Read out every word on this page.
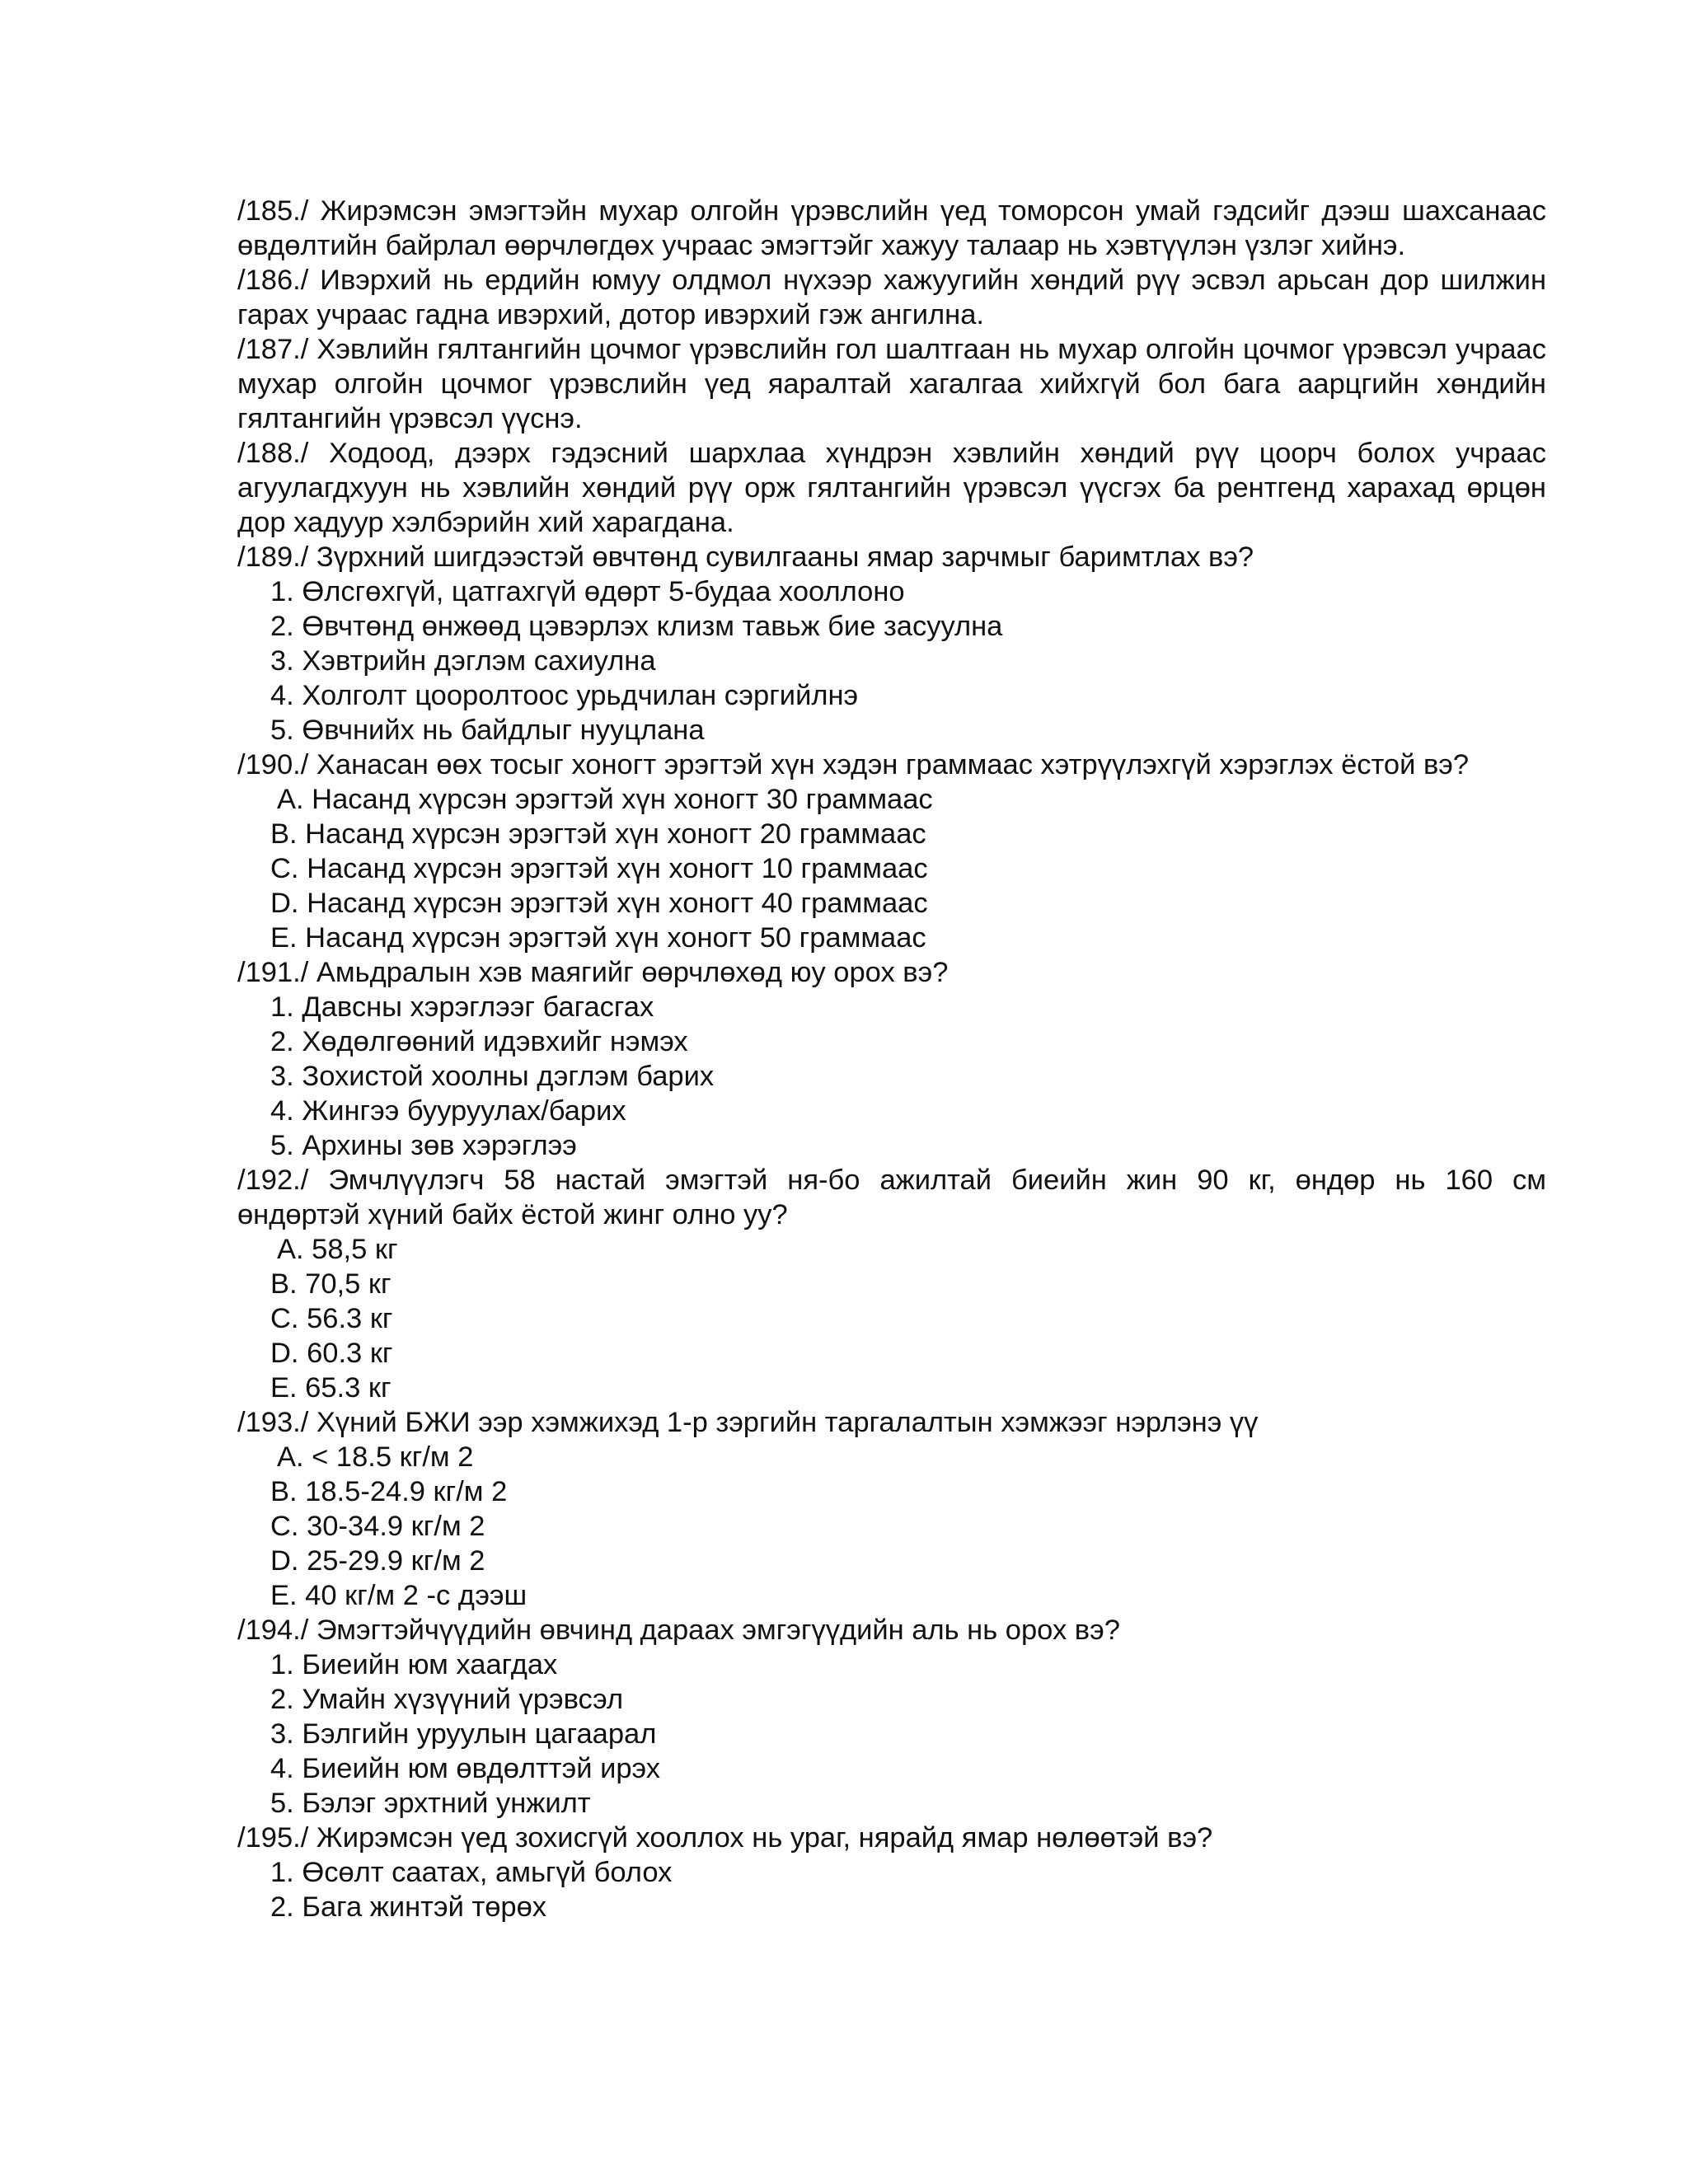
/185./ Жирэмсэн эмэгтэйн мухар олгойн үрэвслийн үед томорсон умай гэдсийг дээш шахсанаас өвдөлтийн байрлал өөрчлөгдөх учраас эмэгтэйг хажуу талаар нь хэвтүүлэн үзлэг хийнэ.

/186./ Ивэрхий нь ердийн юмуу олдмол нүхээр хажуугийн хөндий рүү эсвэл арьсан дор шилжин гарах учраас гадна ивэрхий, дотор ивэрхий гэж ангилна.

/187./ Хэвлийн гялтангийн цочмог үрэвслийн гол шалтгаан нь мухар олгойн цочмог үрэвсэл учраас мухар олгойн цочмог үрэвслийн үед яаралтай хагалгаа хийхгүй бол бага аарцгийн хөндийн гялтангийн үрэвсэл үүснэ.

/188./ Ходоод, дээрх гэдэсний шархлаа хүндрэн хэвлийн хөндий рүү цоорч болох учраас агуулагдхуун нь хэвлийн хөндий рүү орж гялтангийн үрэвсэл үүсгэх ба рентгенд харахад өрцөн дор хадуур хэлбэрийн хий харагдана.

/189./ Зүрхний шигдээстэй өвчтөнд сувилгааны ямар зарчмыг баримтлах вэ?

1. Өлсгөхгүй, цатгахгүй өдөрт 5-будаа хооллоно

2. Өвчтөнд өнжөөд цэвэрлэх клизм тавьж бие засуулна

3. Хэвтрийн дэглэм сахиулна

4. Холголт цооролтоос урьдчилан сэргийлнэ

5. Өвчнийх нь байдлыг нууцлана

/190./ Ханасан өөх тосыг хоногт эрэгтэй хүн хэдэн граммаас хэтрүүлэхгүй хэрэглэх ёстой вэ?

A. Насанд хүрсэн эрэгтэй хүн хоногт 30 граммаас

B. Насанд хүрсэн эрэгтэй хүн хоногт 20 граммаас

C. Насанд хүрсэн эрэгтэй хүн хоногт 10 граммаас

D. Насанд хүрсэн эрэгтэй хүн хоногт 40 граммаас

E. Насанд хүрсэн эрэгтэй хүн хоногт 50 граммаас

/191./ Амьдралын хэв маягийг өөрчлөхөд юу орох вэ?

1. Давсны хэрэглээг багасгах

2. Хөдөлгөөний идэвхийг нэмэх

3. Зохистой хоолны дэглэм барих

4. Жингээ бууруулах/барих

5. Архины зөв хэрэглээ

/192./ Эмчлүүлэгч 58 настай эмэгтэй ня-бо ажилтай биеийн жин 90 кг, өндөр нь 160 см

өндөртэй хүний байх ёстой жинг олно уу?

A. 58,5 кг

B. 70,5 кг

C. 56.3 кг

D. 60.3 кг

E. 65.3 кг

/193./ Хүний БЖИ ээр хэмжихэд 1-р зэргийн таргалалтын хэмжээг нэрлэнэ үү

A. < 18.5 кг/м 2

B. 18.5-24.9 кг/м 2

C. 30-34.9 кг/м 2

D. 25-29.9 кг/м 2

E. 40 кг/м 2 -с дээш

/194./ Эмэгтэйчүүдийн өвчинд дараах эмгэгүүдийн аль нь орох вэ?

1. Биеийн юм хаагдах

2. Умайн хүзүүний үрэвсэл

3. Бэлгийн уруулын цагаарал

4. Биеийн юм өвдөлттэй ирэх

5. Бэлэг эрхтний унжилт

/195./ Жирэмсэн үед зохисгүй хооллох нь ураг, нярайд ямар нөлөөтэй вэ?

1. Өсөлт саатах, амьгүй болох

2. Бага жинтэй төрөх
